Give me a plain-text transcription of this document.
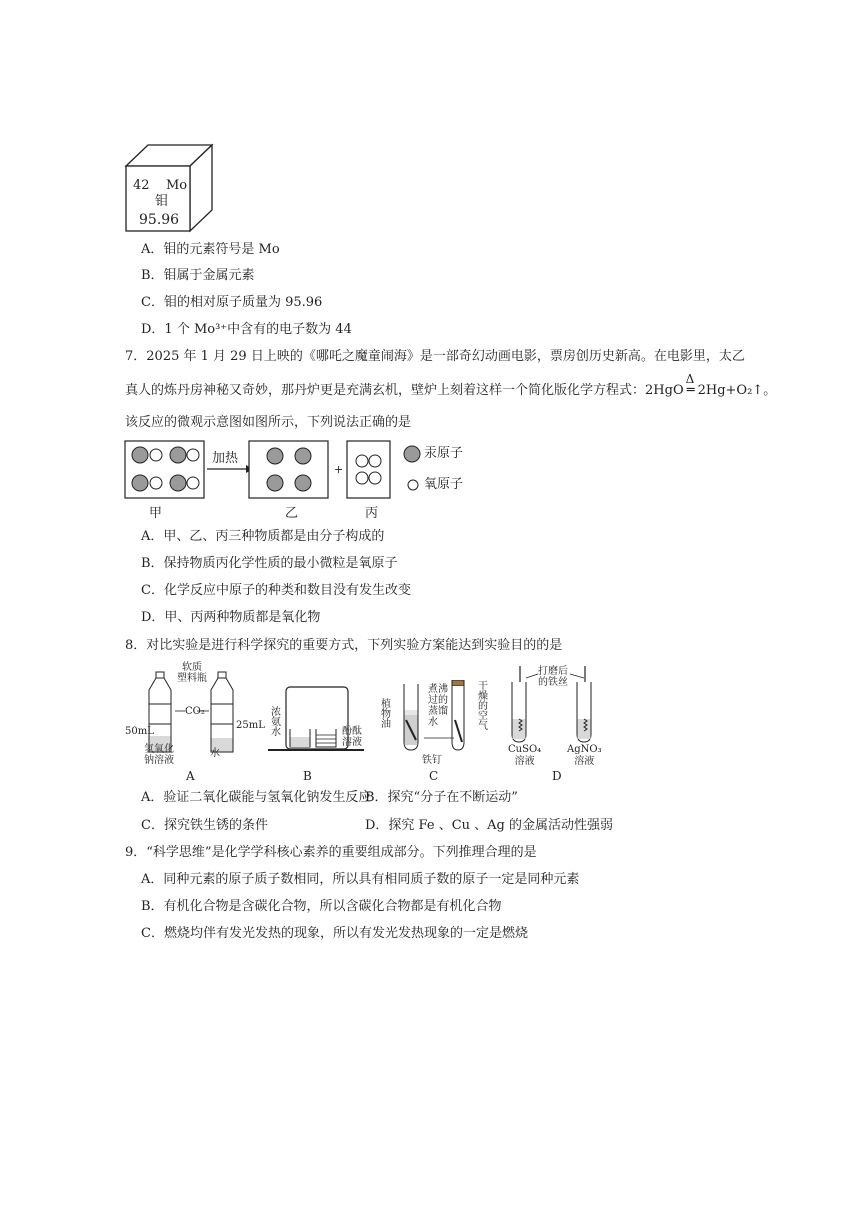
42 Mo
钼
95.96
A．钼的元素符号是 Mo
B．钼属于金属元素
C．钼的相对原子质量为 95.96
D．1 个 Mo³⁺中含有的电子数为 44
7．2025 年 1 月 29 日上映的《哪吒之魔童闹海》是一部奇幻动画电影，票房创历史新高。在电影里，太乙
真人的炼丹房神秘又奇妙，那丹炉更是充满玄机，壁炉上刻着这样一个简化版化学方程式：2HgO
Δ
═ 2Hg+O₂↑。
该反应的微观示意图如图所示，下列说法正确的是
加热
+
甲	乙	丙
汞原子
氧原子
A．甲、乙、丙三种物质都是由分子构成的
B．保持物质丙化学性质的最小微粒是氧原子
C．化学反应中原子的种类和数目没有发生改变
D．甲、丙两种物质都是氧化物
8．对比实验是进行科学探究的重要方式，下列实验方案能达到实验目的的是
软质
塑料瓶
CO₂
50mL
25mL
氢氧化
钠溶液
水
A
浓
氨
水	酚酞
溶液
B
植
物
油
煮沸
过的
蒸馏
水
干
燥
的
空
气
铁钉
C
打磨后
的铁丝
CuSO₄
溶液
AgNO₃
溶液
D
A．验证二氧化碳能与氢氧化钠发生反应
B．探究“分子在不断运动”
C．探究铁生锈的条件	D．探究 Fe 、Cu 、Ag 的金属活动性强弱
9．“科学思维”是化学学科核心素养的重要组成部分。下列推理合理的是
A．同种元素的原子质子数相同，所以具有相同质子数的原子一定是同种元素
B．有机化合物是含碳化合物，所以含碳化合物都是有机化合物
C．燃烧均伴有发光发热的现象，所以有发光发热现象的一定是燃烧
